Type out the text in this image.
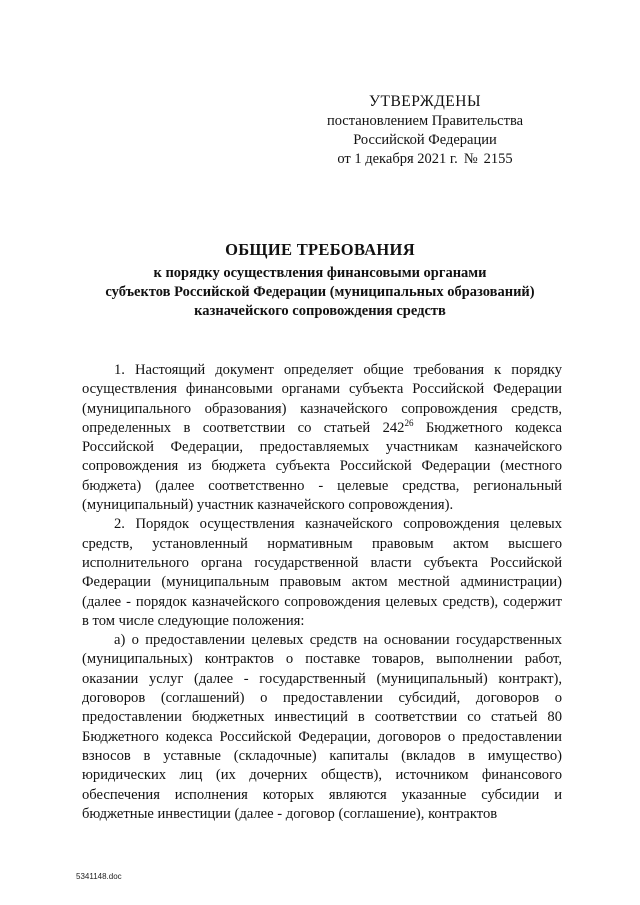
УТВЕРЖДЕНЫ
постановлением Правительства
Российской Федерации
от 1 декабря 2021 г. № 2155
ОБЩИЕ ТРЕБОВАНИЯ
к порядку осуществления финансовыми органами
субъектов Российской Федерации (муниципальных образований)
казначейского сопровождения средств

1. Настоящий документ определяет общие требования к порядку осуществления финансовыми органами субъекта Российской Федерации (муниципального образования) казначейского сопровождения средств, определенных в соответствии со статьей $242^{26}$ Бюджетного кодекса Российской Федерации, предоставляемых участникам казначейского сопровождения из бюджета субъекта Российской Федерации (местного бюджета) (далее соответственно - целевые средства, региональный (муниципальный) участник казначейского сопровождения).

2. Порядок осуществления казначейского сопровождения целевых средств, установленный нормативным правовым актом высшего исполнительного органа государственной власти субъекта Российской Федерации (муниципальным правовым актом местной администрации) (далее - порядок казначейского сопровождения целевых средств), содержит в том числе следующие положения:

а) о предоставлении целевых средств на основании государственных (муниципальных) контрактов о поставке товаров, выполнении работ, оказании услуг (далее - государственный (муниципальный) контракт), договоров (соглашений) о предоставлении субсидий, договоров о предоставлении бюджетных инвестиций в соответствии со статьей 80 Бюджетного кодекса Российской Федерации, договоров о предоставлении взносов в уставные (складочные) капиталы (вкладов в имущество) юридических лиц (их дочерних обществ), источником финансового обеспечения исполнения которых являются указанные субсидии и бюджетные инвестиции (далее - договор (соглашение), контрактов

5341148.doc
